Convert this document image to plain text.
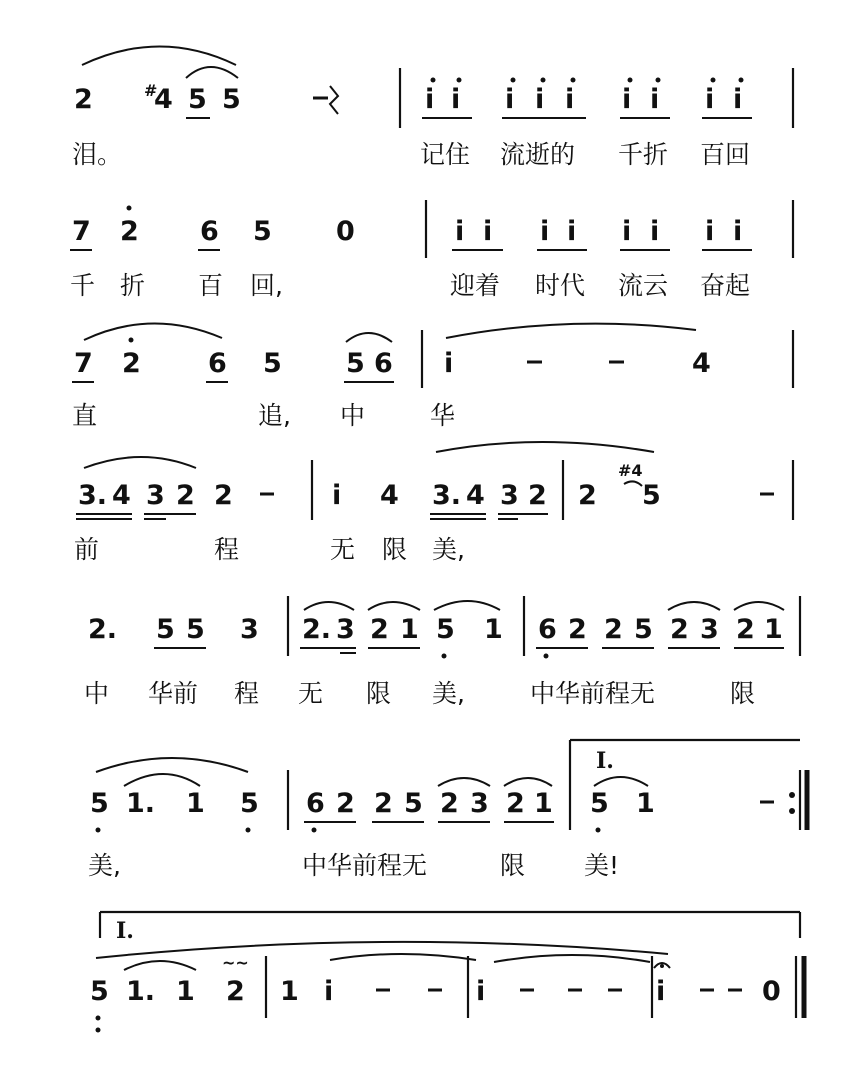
2	#
4 5 5	i i i i i i i i i
泪。	记住 流逝的 千折 百回
7 2 6 5 0	i i i i i i i i
千 折 百 回,	迎着 时代 流云 奋起
7 2 6 5 5 6 i	4
直	追, 中	华
3. 4 3 2 2	i 4 3. 4 3 2 2
#4
5
前	程	无 限 美,
2. 5 5 3 2. 3 2 1 5 1 6 2 2 5 2 3 2 1
中 华前 程 无 限 美,	中华前程无	限
5 1. 1 5 6 2 2 5 2 3 2 1
I.
5 1
美,	中华前程无	限 美!
I.
5 1. 1
~~
2 1 i	i	i	0
